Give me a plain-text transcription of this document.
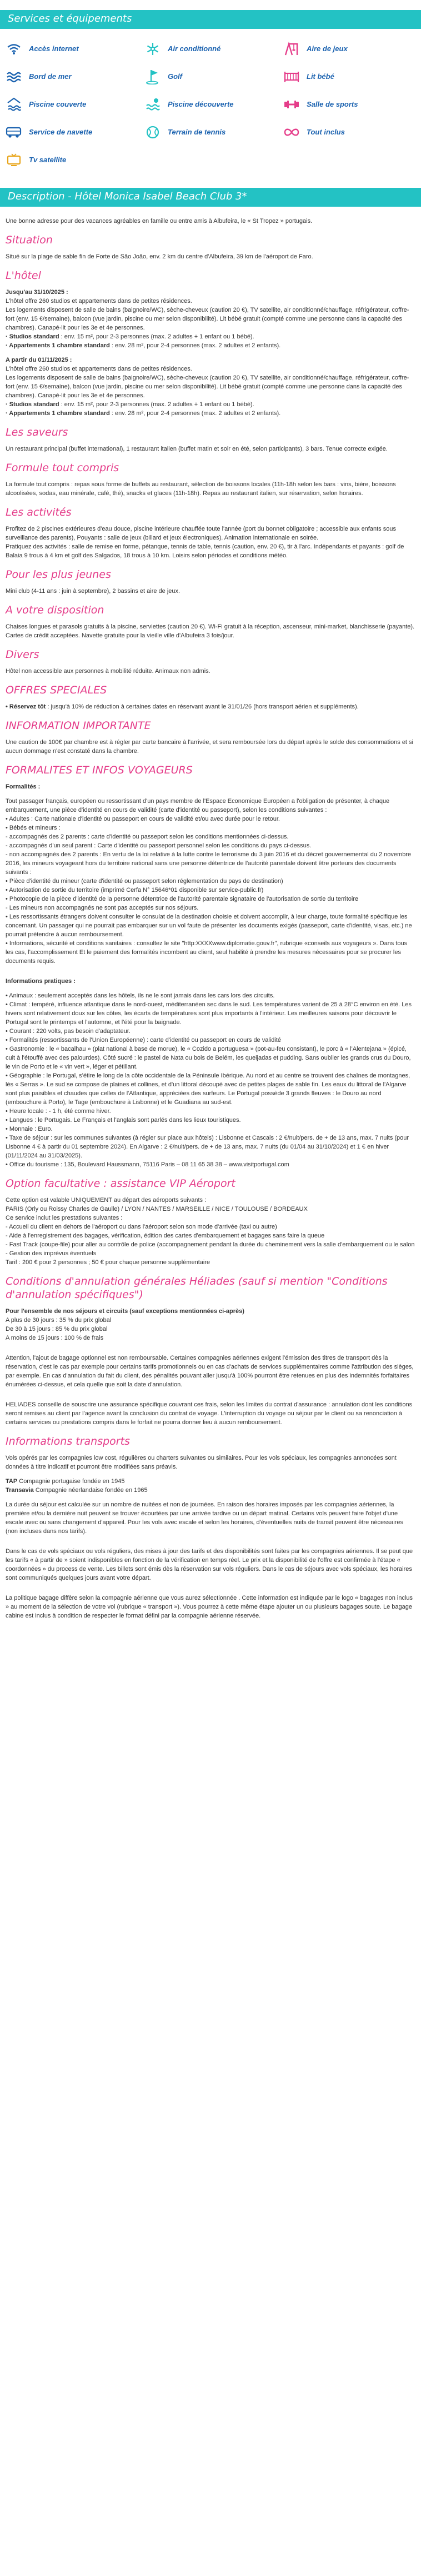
Services et équipements
Accès internet	Air conditionné	Aire de jeux
Bord de mer	Golf	Lit bébé
Piscine couverte	Piscine découverte	Salle de sports
Service de navette	Terrain de tennis	Tout inclus
Tv satellite
Description - Hôtel Monica Isabel Beach Club 3*

Une bonne adresse pour des vacances agréables en famille ou entre amis à Albufeira, le « St Tropez » portugais.

Situation

Situé sur la plage de sable fin de Forte de São João, env. 2 km du centre d'Albufeira, 39 km de l'aéroport de Faro.

L'hôtel

Jusqu'au 31/10/2025 :

L'hôtel offre 260 studios et appartements dans de petites résidences.

Les logements disposent de salle de bains (baignoire/WC), sèche-cheveux (caution 20 €), TV satellite, air conditionné/chauffage, réfrigérateur, coffre-fort (env. 15 €/semaine), balcon (vue jardin, piscine ou mer selon disponibilité). Lit bébé gratuit (compté comme une personne dans la capacité des chambres). Canapé-lit pour les 3e et 4e personnes.

· Studios standard : env. 15 m², pour 2-3 personnes (max. 2 adultes + 1 enfant ou 1 bébé).

· Appartements 1 chambre standard : env. 28 m², pour 2-4 personnes (max. 2 adultes et 2 enfants).

A partir du 01/11/2025 :

L'hôtel offre 260 studios et appartements dans de petites résidences.

Les logements disposent de salle de bains (baignoire/WC), sèche-cheveux (caution 20 €), TV satellite, air conditionné/chauffage, réfrigérateur, coffre-fort (env. 15 €/semaine), balcon (vue jardin, piscine ou mer selon disponibilité). Lit bébé gratuit (compté comme une personne dans la capacité des chambres). Canapé-lit pour les 3e et 4e personnes.

· Studios standard : env. 15 m², pour 2-3 personnes (max. 2 adultes + 1 enfant ou 1 bébé).

· Appartements 1 chambre standard : env. 28 m², pour 2-4 personnes (max. 2 adultes et 2 enfants).

Les saveurs

Un restaurant principal (buffet international), 1 restaurant italien (buffet matin et soir en été, selon participants), 3 bars. Tenue correcte exigée.

Formule tout compris

La formule tout compris : repas sous forme de buffets au restaurant, sélection de boissons locales (11h-18h selon les bars : vins, bière, boissons alcoolisées, sodas, eau minérale, café, thé), snacks et glaces (11h-18h). Repas au restaurant italien, sur réservation, selon horaires.

Les activités

Profitez de 2 piscines extérieures d'eau douce, piscine intérieure chauffée toute l'année (port du bonnet obligatoire ; accessible aux enfants sous surveillance des parents), Pouyants : salle de jeux (billard et jeux électroniques). Animation internationale en soirée.

Pratiquez des activités : salle de remise en forme, pétanque, tennis de table, tennis (caution, env. 20 €), tir à l'arc. Indépendants et payants : golf de Balaia 9 trous à 4 km et golf des Salgados, 18 trous à 10 km. Loisirs selon périodes et conditions météo.

Pour les plus jeunes

Mini club (4-11 ans : juin à septembre), 2 bassins et aire de jeux.

A votre disposition

Chaises longues et parasols gratuits à la piscine, serviettes (caution 20 €). Wi-Fi gratuit à la réception, ascenseur, mini-market, blanchisserie (payante). Cartes de crédit acceptées. Navette gratuite pour la vieille ville d'Albufeira 3 fois/jour.

Divers

Hôtel non accessible aux personnes à mobilité réduite. Animaux non admis.

OFFRES SPECIALES

• Réservez tôt : jusqu'à 10% de réduction à certaines dates en réservant avant le 31/01/26 (hors transport aérien et suppléments).

INFORMATION IMPORTANTE

Une caution de 100€ par chambre est à régler par carte bancaire à l'arrivée, et sera remboursée lors du départ après le solde des consommations et si aucun dommage n'est constaté dans la chambre.

FORMALITES ET INFOS VOYAGEURS

Formalités :

Tout passager français, européen ou ressortissant d'un pays membre de l'Espace Economique Européen a l'obligation de présenter, à chaque embarquement, une pièce d'identité en cours de validité (carte d'identité ou passeport), selon les conditions suivantes :

• Adultes : Carte nationale d'identité ou passeport en cours de validité et/ou avec durée pour le retour.

• Bébés et mineurs :

- accompagnés des 2 parents : carte d'identité ou passeport selon les conditions mentionnées ci-dessus.

- accompagnés d'un seul parent : Carte d'identité ou passeport personnel selon les conditions du pays ci-dessus.

- non accompagnés des 2 parents : En vertu de la loi relative à la lutte contre le terrorisme du 3 juin 2016 et du décret gouvernemental du 2 novembre 2016, les mineurs voyageant hors du territoire national sans une personne détentrice de l'autorité parentale doivent être porteurs des documents suivants :

• Pièce d'identité du mineur (carte d'identité ou passeport selon réglementation du pays de destination)

• Autorisation de sortie du territoire (imprimé Cerfa N° 15646*01 disponible sur service-public.fr)

• Photocopie de la pièce d'identité de la personne détentrice de l'autorité parentale signataire de l'autorisation de sortie du territoire

- Les mineurs non accompagnés ne sont pas acceptés sur nos séjours.

• Les ressortissants étrangers doivent consulter le consulat de la destination choisie et doivent accomplir, à leur charge, toute formalité spécifique les concernant. Un passager qui ne pourrait pas embarquer sur un vol faute de présenter les documents exigés (passeport, carte d'identité, visas, etc.) ne pourrait prétendre à aucun remboursement.

• Informations, sécurité et conditions sanitaires : consultez le site "http:XXXXwww.diplomatie.gouv.fr", rubrique «conseils aux voyageurs ». Dans tous les cas, l'accomplissement Et le paiement des formalités incombent au client, seul habilité à prendre les mesures nécessaires pour se procurer les documents requis.

Informations pratiques :

• Animaux : seulement acceptés dans les hôtels, ils ne le sont jamais dans les cars lors des circuits.

• Climat : tempéré, influence atlantique dans le nord-ouest, méditerranéen sec dans le sud. Les températures varient de 25 à 28°C environ en été. Les hivers sont relativement doux sur les côtes, les écarts de températures sont plus importants à l'intérieur. Les meilleures saisons pour découvrir le Portugal sont le printemps et l'automne, et l'été pour la baignade.

• Courant : 220 volts, pas besoin d'adaptateur.

• Formalités (ressortissants de l'Union Européenne) : carte d'identité ou passeport en cours de validité

• Gastronomie : le « bacalhau » (plat national à base de morue), le « Cozido a portuguesa » (pot-au-feu consistant), le porc à « l'Alentejana » (épicé, cuit à l'étouffé avec des palourdes). Côté sucré : le pastel de Nata ou bois de Belém, les queijadas et pudding. Sans oublier les grands crus du Douro, le vin de Porto et le « vin vert », léger et pétillant.

• Géographie : le Portugal, s'étire le long de la côte occidentale de la Péninsule Ibérique. Au nord et au centre se trouvent des chaînes de montagnes, lès « Serras ». Le sud se compose de plaines et collines, et d'un littoral découpé avec de petites plages de sable fin. Les eaux du littoral de l'Algarve sont plus paisibles et chaudes que celles de l'Atlantique, appréciées des surfeurs. Le Portugal possède 3 grands fleuves : le Douro au nord (embouchure à Porto), le Tage (embouchure à Lisbonne) et le Guadiana au sud-est.

• Heure locale : - 1 h, été comme hiver.

• Langues : le Portugais. Le Français et l'anglais sont parlés dans les lieux touristiques.

• Monnaie : Euro.

• Taxe de séjour : sur les communes suivantes (à régler sur place aux hôtels) : Lisbonne et Cascais : 2 €/nuit/pers. de + de 13 ans, max. 7 nuits (pour Lisbonne 4 € à partir du 01 septembre 2024). En Algarve : 2 €/nuit/pers. de + de 13 ans, max. 7 nuits (du 01/04 au 31/10/2024) et 1 € en hiver (01/11/2024 au 31/03/2025).

• Office du tourisme : 135, Boulevard Haussmann, 75116 Paris – 08 11 65 38 38 – www.visitportugal.com

Option facultative : assistance VIP Aéroport

Cette option est valable UNIQUEMENT au départ des aéroports suivants :

PARIS (Orly ou Roissy Charles de Gaulle) / LYON / NANTES / MARSEILLE / NICE / TOULOUSE / BORDEAUX

Ce service inclut les prestations suivantes :

- Accueil du client en dehors de l'aéroport ou dans l'aéroport selon son mode d'arrivée (taxi ou autre)

- Aide à l'enregistrement des bagages, vérification, édition des cartes d'embarquement et bagages sans faire la queue

- Fast Track (coupe-file) pour aller au contrôle de police (accompagnement pendant la durée du cheminement vers la salle d'embarquement ou le salon

- Gestion des imprévus éventuels

Tarif : 200 € pour 2 personnes ; 50 € pour chaque personne supplémentaire

Conditions d'annulation générales Héliades (sauf si mention "Conditions d'annulation spécifiques")

Pour l'ensemble de nos séjours et circuits (sauf exceptions mentionnées ci-après)

A plus de 30 jours : 35 % du prix global

De 30 à 15 jours : 85 % du prix global

A moins de 15 jours : 100 % de frais

Attention, l'ajout de bagage optionnel est non remboursable. Certaines compagnies aériennes exigent l'émission des titres de transport dès la réservation, c'est le cas par exemple pour certains tarifs promotionnels ou en cas d'achats de services supplémentaires comme l'attribution des sièges, par exemple. En cas d'annulation du fait du client, des pénalités pouvant aller jusqu'à 100% pourront être retenues en plus des indemnités forfaitaires énumérées ci-dessus, et cela quelle que soit la date d'annulation.

HELIADES conseille de souscrire une assurance spécifique couvrant ces frais, selon les limites du contrat d'assurance : annulation dont les conditions seront remises au client par l'agence avant la conclusion du contrat de voyage. L'interruption du voyage ou séjour par le client ou sa renonciation à certains services ou prestations compris dans le forfait ne pourra donner lieu à aucun remboursement.

Informations transports

Vols opérés par les compagnies low cost, régulières ou charters suivantes ou similaires. Pour les vols spéciaux, les compagnies annoncées sont données à titre indicatif et pourront être modifiées sans préavis.

TAP Compagnie portugaise fondée en 1945

Transavia Compagnie néerlandaise fondée en 1965

La durée du séjour est calculée sur un nombre de nuitées et non de journées. En raison des horaires imposés par les compagnies aériennes, la première et/ou la dernière nuit peuvent se trouver écourtées par une arrivée tardive ou un départ matinal. Certains vols peuvent faire l'objet d'une escale avec ou sans changement d'appareil. Pour les vols avec escale et selon les horaires, d'éventuelles nuits de transit peuvent être nécessaires (non incluses dans nos tarifs).

Dans le cas de vols spéciaux ou vols réguliers, des mises à jour des tarifs et des disponibilités sont faites par les compagnies aériennes. Il se peut que les tarifs « à partir de » soient indisponibles en fonction de la vérification en temps réel. Le prix et la disponibilité de l'offre est confirmée à l'étape « coordonnées » du process de vente. Les billets sont émis dès la réservation sur vols réguliers. Dans le cas de séjours avec vols spéciaux, les horaires sont communiqués quelques jours avant votre départ.

La politique bagage diffère selon la compagnie aérienne que vous aurez sélectionnée . Cette information est indiquée par le logo « bagages non inclus » au moment de la sélection de votre vol (rubrique « transport »). Vous pourrez à cette même étape ajouter un ou plusieurs bagages soute. Le bagage cabine est inclus à condition de respecter le format défini par la compagnie aérienne réservée.
